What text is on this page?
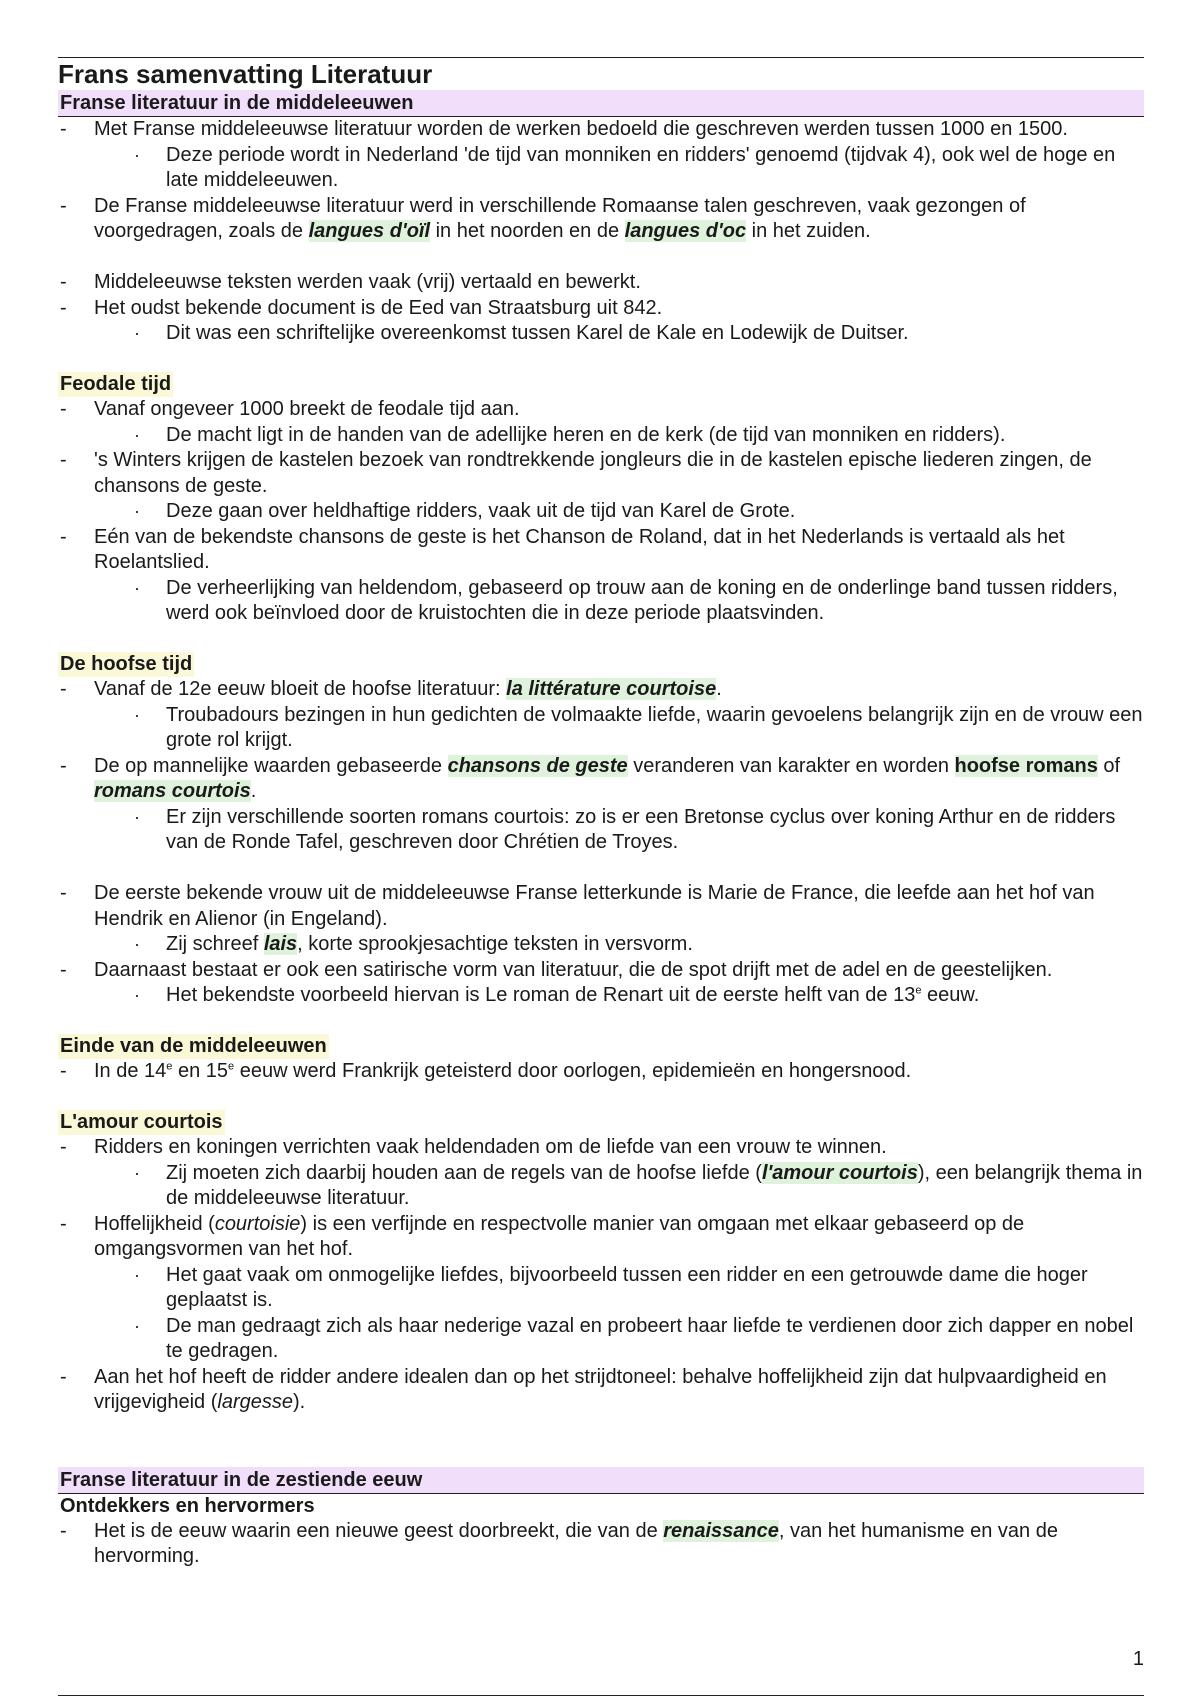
Frans samenvatting Literatuur
Franse literatuur in de middeleeuwen
- Met Franse middeleeuwse literatuur worden de werken bedoeld die geschreven werden tussen 1000 en 1500.
· Deze periode wordt in Nederland 'de tijd van monniken en ridders' genoemd (tijdvak 4), ook wel de hoge en late middeleeuwen.
- De Franse middeleeuwse literatuur werd in verschillende Romaanse talen geschreven, vaak gezongen of voorgedragen, zoals de langues d'oïl in het noorden en de langues d'oc in het zuiden.
- Middeleeuwse teksten werden vaak (vrij) vertaald en bewerkt.
- Het oudst bekende document is de Eed van Straatsburg uit 842.
· Dit was een schriftelijke overeenkomst tussen Karel de Kale en Lodewijk de Duitser.
Feodale tijd
- Vanaf ongeveer 1000 breekt de feodale tijd aan.
· De macht ligt in de handen van de adellijke heren en de kerk (de tijd van monniken en ridders).
- 's Winters krijgen de kastelen bezoek van rondtrekkende jongleurs die in de kastelen epische liederen zingen, de chansons de geste.
· Deze gaan over heldhaftige ridders, vaak uit de tijd van Karel de Grote.
- Eén van de bekendste chansons de geste is het Chanson de Roland, dat in het Nederlands is vertaald als het Roelantslied.
· De verheerlijking van heldendom, gebaseerd op trouw aan de koning en de onderlinge band tussen ridders, werd ook beïnvloed door de kruistochten die in deze periode plaatsvinden.
De hoofse tijd
- Vanaf de 12e eeuw bloeit de hoofse literatuur: la littérature courtoise.
· Troubadours bezingen in hun gedichten de volmaakte liefde, waarin gevoelens belangrijk zijn en de vrouw een grote rol krijgt.
- De op mannelijke waarden gebaseerde chansons de geste veranderen van karakter en worden hoofse romans of romans courtois.
· Er zijn verschillende soorten romans courtois: zo is er een Bretonse cyclus over koning Arthur en de ridders van de Ronde Tafel, geschreven door Chrétien de Troyes.
- De eerste bekende vrouw uit de middeleeuwse Franse letterkunde is Marie de France, die leefde aan het hof van Hendrik en Alienor (in Engeland).
· Zij schreef lais, korte sprookjesachtige teksten in versvorm.
- Daarnaast bestaat er ook een satirische vorm van literatuur, die de spot drijft met de adel en de geestelijken.
· Het bekendste voorbeeld hiervan is Le roman de Renart uit de eerste helft van de 13e eeuw.
Einde van de middeleeuwen
- In de 14e en 15e eeuw werd Frankrijk geteisterd door oorlogen, epidemieën en hongersnood.
L'amour courtois
- Ridders en koningen verrichten vaak heldendaden om de liefde van een vrouw te winnen.
· Zij moeten zich daarbij houden aan de regels van de hoofse liefde (l'amour courtois), een belangrijk thema in de middeleeuwse literatuur.
- Hoffelijkheid (courtoisie) is een verfijnde en respectvolle manier van omgaan met elkaar gebaseerd op de omgangsvormen van het hof.
· Het gaat vaak om onmogelijke liefdes, bijvoorbeeld tussen een ridder en een getrouwde dame die hoger geplaatst is.
· De man gedraagt zich als haar nederige vazal en probeert haar liefde te verdienen door zich dapper en nobel te gedragen.
- Aan het hof heeft de ridder andere idealen dan op het strijdtoneel: behalve hoffelijkheid zijn dat hulpvaardigheid en vrijgevigheid (largesse).
Franse literatuur in de zestiende eeuw
Ontdekkers en hervormers
- Het is de eeuw waarin een nieuwe geest doorbreekt, die van de renaissance, van het humanisme en van de hervorming.
1
